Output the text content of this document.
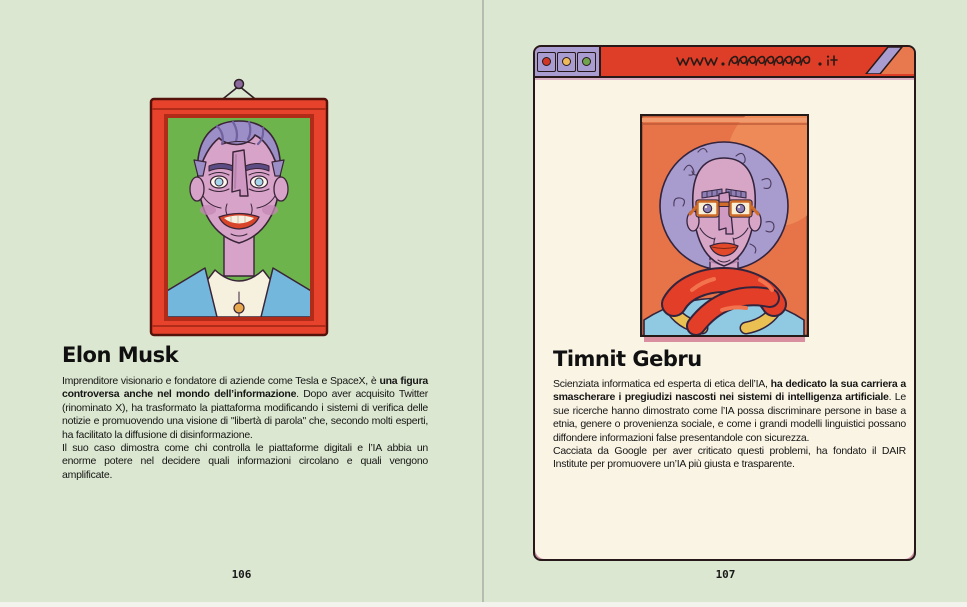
Elon Musk

Imprenditore visionario e fondatore di aziende come Tesla e SpaceX, è una figura controversa anche nel mondo dell’informazione. Dopo aver acquisito Twitter (rinominato X), ha trasformato la piattaforma modificando i sistemi di verifica delle notizie e promuovendo una visione di "libertà di parola" che, secondo molti esperti, ha facilitato la diffusione di disinformazione.

Il suo caso dimostra come chi controlla le piattaforme digitali e l’IA abbia un enorme potere nel decidere quali informazioni circolano e quali vengono amplificate.

106
Timnit Gebru

Scienziata informatica ed esperta di etica dell’IA, ha dedicato la sua carriera a smascherare i pregiudizi nascosti nei sistemi di intelligenza artificiale. Le sue ricerche hanno dimostrato come l’IA possa discriminare persone in base a etnia, genere o provenienza sociale, e come i grandi modelli linguistici possano diffondere informazioni false presentandole con sicurezza.

Cacciata da Google per aver criticato questi problemi, ha fondato il DAIR Institute per promuovere un’IA più giusta e trasparente.

107
